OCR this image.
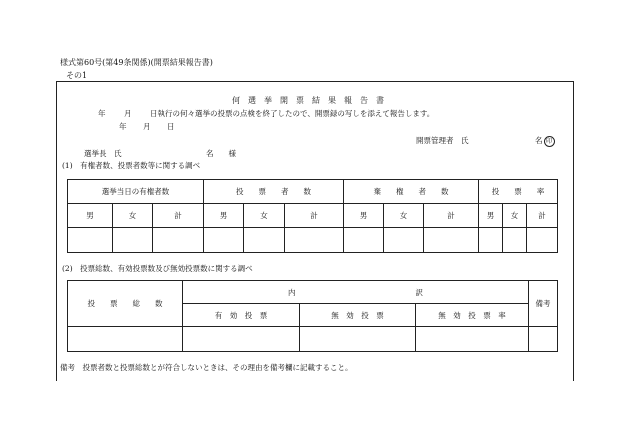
様式第60号(第49条関係)(開票結果報告書)
その1
何　選　挙　開　票　結　果　報　告　書
年 月 日執行の何々選挙の投票の点検を終了したので、開票録の写しを添えて報告します。
年 月 日
開票管理者　氏	名 印
選挙長　氏	名　　様
(1)　有権者数、投票者数等に関する調べ
選挙当日の有権者数			投　　票　　者　　数			棄　　権　　者　　数			投　　票　　率		
男	女	計	男	女	計	男	女	計	男	女	計

(2)　投票総数、有効投票数及び無効投票数に関する調べ
投　　票　　総　　数	内　　　　　　　　　　　　　　　　訳			備考
	有　効　投　票	無　効　投　票	無　効　投　票　率	

備考　投票者数と投票総数とが符合しないときは、その理由を備考欄に記載すること。
